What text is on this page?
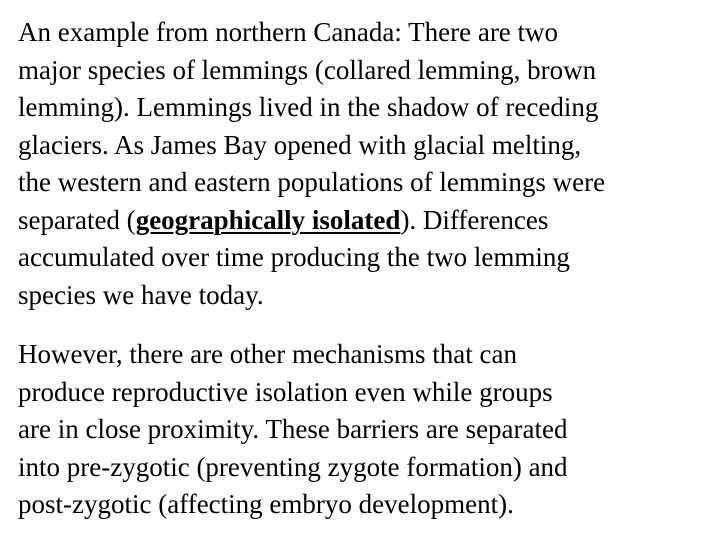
An example from northern Canada: There are two
major species of lemmings (collared lemming, brown
lemming). Lemmings lived in the shadow of receding
glaciers. As James Bay opened with glacial melting,
the western and eastern populations of lemmings were
separated (geographically isolated). Differences
accumulated over time producing the two lemming
species we have today.
However, there are other mechanisms that can
produce reproductive isolation even while groups
are in close proximity. These barriers are separated
into pre-zygotic (preventing zygote formation) and
post-zygotic (affecting embryo development).
